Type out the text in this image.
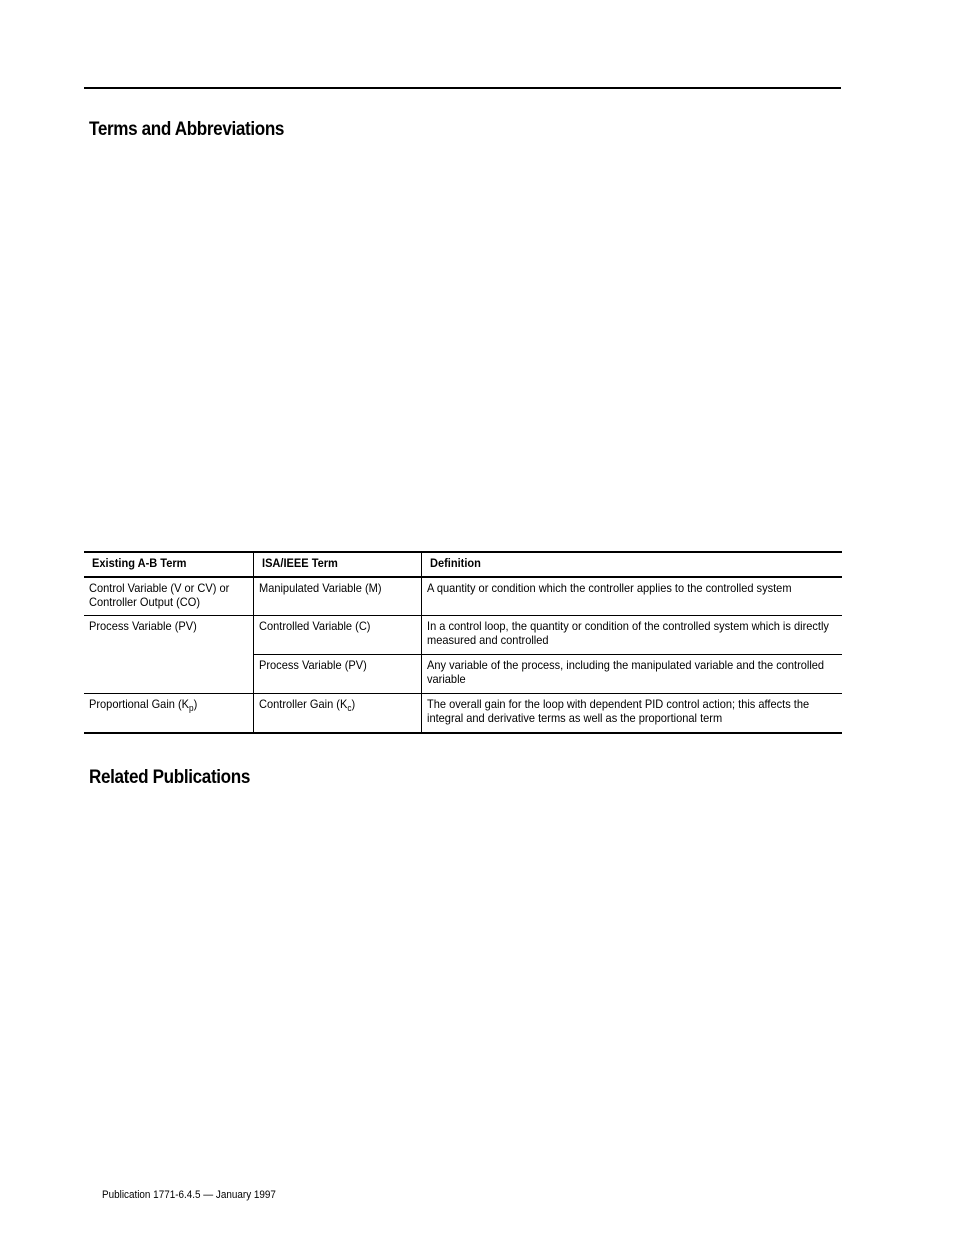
Terms and Abbreviations
Existing A-B Term	ISA/IEEE Term	Definition

Control Variable (V or CV) or Controller Output (CO)	Manipulated Variable (M)	A quantity or condition which the controller applies to the controlled system

Process Variable (PV)	Controlled Variable (C)	In a control loop, the quantity or condition of the controlled system which is directly measured and controlled

	Process Variable (PV)	Any variable of the process, including the manipulated variable and the controlled variable

Proportional Gain $(K_p)$	Controller Gain $(K_c)$	The overall gain for the loop with dependent PID control action; this affects the integral and derivative terms as well as the proportional term
Related Publications
Publication 1771-6.4.5 — January 1997
